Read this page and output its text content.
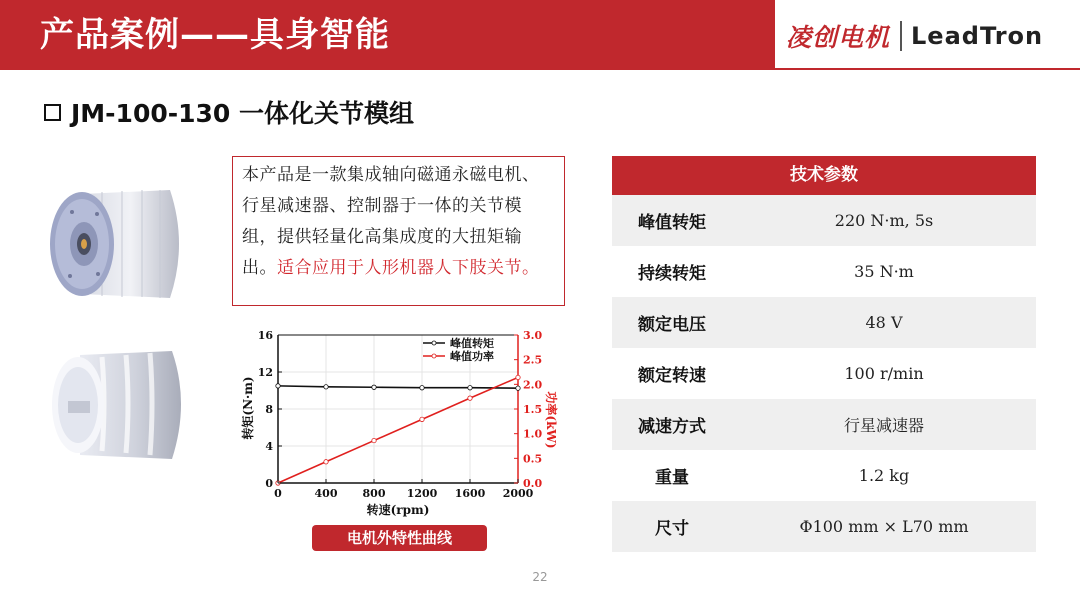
产品案例——具身智能	凌创电机 LeadTron
JM-100-130 一体化关节模组
本产品是一款集成轴向磁通永磁电机、行星减速器、控制器于一体的关节模组，提供轻量化高集成度的大扭矩输出。适合应用于人形机器人下肢关节。
0	400 800 1200 1600 2000
0
4
8
12
16
0.0
0.5
1.0
1.5
2.0
2.5
3.0
转速(rpm)
转矩(N·m)	功率(kW)
峰值转矩
峰值功率
电机外特性曲线
技术参数
峰值转矩	220 N·m, 5s
持续转矩	35 N·m
额定电压	48 V
额定转速	100 r/min
减速方式	行星减速器
重量	1.2 kg
尺寸	Φ100 mm × L70 mm
22
